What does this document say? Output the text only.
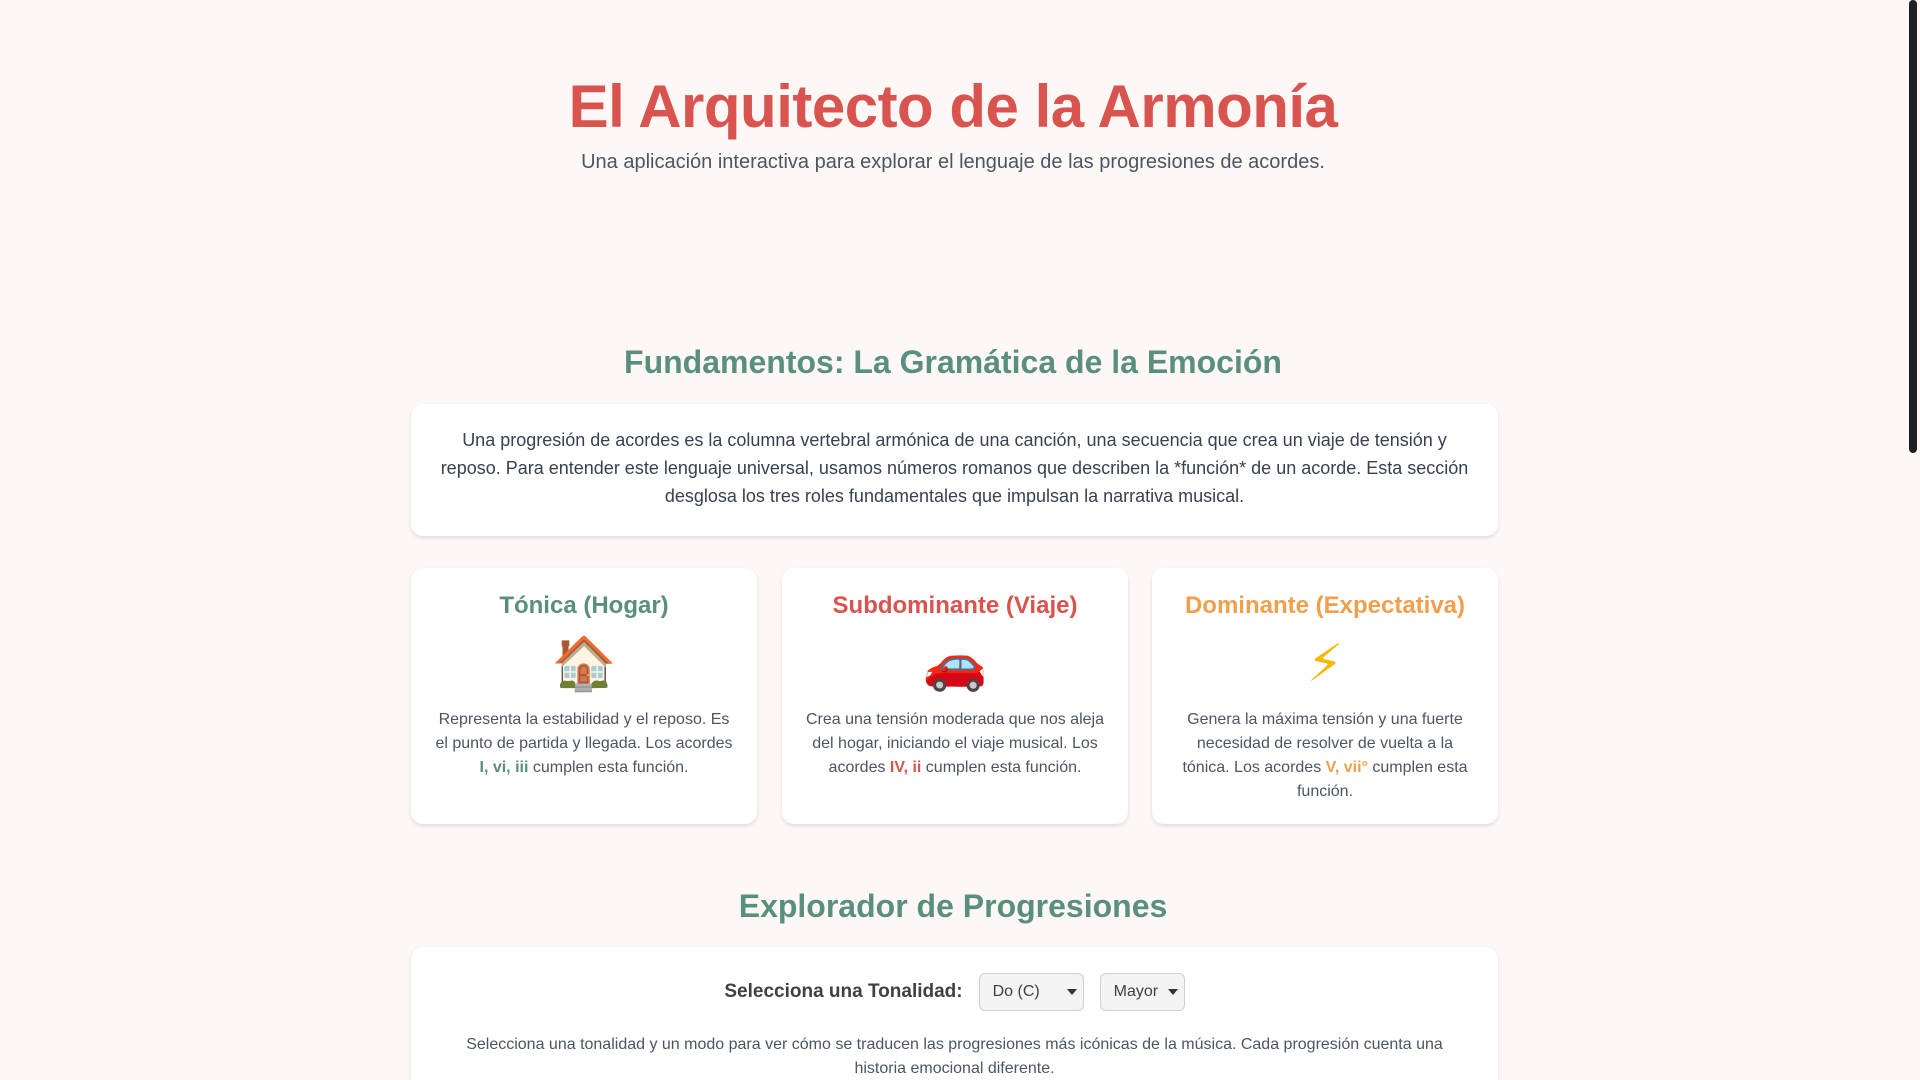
El Arquitecto de la Armonía

Una aplicación interactiva para explorar el lenguaje de las progresiones de acordes.

Fundamentos: La Gramática de la Emoción

Una progresión de acordes es la columna vertebral armónica de una canción, una secuencia que crea un viaje de tensión y reposo. Para entender este lenguaje universal, usamos números romanos que describen la *función* de un acorde. Esta sección desglosa los tres roles fundamentales que impulsan la narrativa musical.

Tónica (Hogar)
🏠

Representa la estabilidad y el reposo. Es el punto de partida y llegada. Los acordes I, vi, iii cumplen esta función.

Subdominante (Viaje)
🚗

Crea una tensión moderada que nos aleja del hogar, iniciando el viaje musical. Los acordes IV, ii cumplen esta función.

Dominante (Expectativa)
⚡

Genera la máxima tensión y una fuerte necesidad de resolver de vuelta a la tónica. Los acordes V, vii° cumplen esta función.

Explorador de Progresiones
Selecciona una Tonalidad: Do (C)	Mayor

Selecciona una tonalidad y un modo para ver cómo se traducen las progresiones más icónicas de la música. Cada progresión cuenta una historia emocional diferente.
